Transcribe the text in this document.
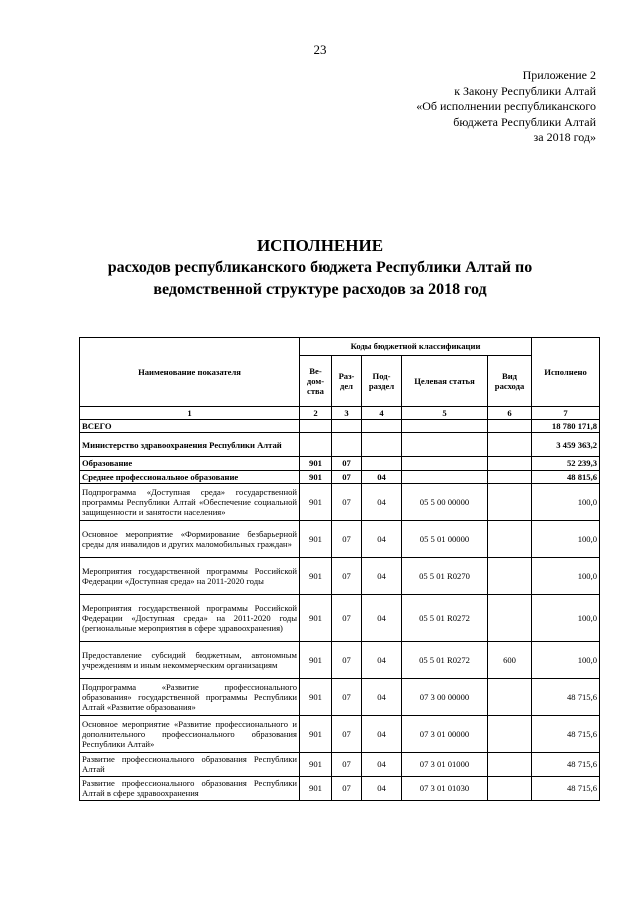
23
Приложение 2
к Закону Республики Алтай
«Об исполнении республиканского
бюджета Республики Алтай
за 2018 год»
ИСПОЛНЕНИЕ
расходов республиканского бюджета Республики Алтай по
ведомственной структуре расходов за 2018 год
Наименование показателя	Коды бюджетной классификации					Исполнено
	Ве-дом-ства	Раз-дел	Под-раздел	Целевая статья	Вид расхода	
1	2	3	4	5	6	7
ВСЕГО						18 780 171,8
Министерство здравоохранения Республики Алтай						3 459 363,2
Образование	901	07				52 239,3
Среднее профессиональное образование	901	07	04			48 815,6
Подпрограмма «Доступная среда» государственной программы Республики Алтай «Обеспечение социальной защищенности и занятости населения»	901	07	04	05 5 00 00000		100,0
Основное мероприятие «Формирование безбарьерной среды для инвалидов и других маломобильных граждан»	901	07	04	05 5 01 00000		100,0
Мероприятия государственной программы Российской Федерации «Доступная среда» на 2011-2020 годы	901	07	04	05 5 01 R0270		100,0
Мероприятия государственной программы Российской Федерации «Доступная среда» на 2011-2020 годы (региональные мероприятия в сфере здравоохранения)	901	07	04	05 5 01 R0272		100,0
Предоставление субсидий бюджетным, автономным учреждениям и иным некоммерческим организациям	901	07	04	05 5 01 R0272	600	100,0
Подпрограмма «Развитие профессионального образования» государственной программы Республики Алтай «Развитие образования»	901	07	04	07 3 00 00000		48 715,6
Основное мероприятие «Развитие профессионального и дополнительного профессионального образования Республики Алтай»	901	07	04	07 3 01 00000		48 715,6
Развитие профессионального образования Республики Алтай	901	07	04	07 3 01 01000		48 715,6
Развитие профессионального образования Республики Алтай в сфере здравоохранения	901	07	04	07 3 01 01030		48 715,6
